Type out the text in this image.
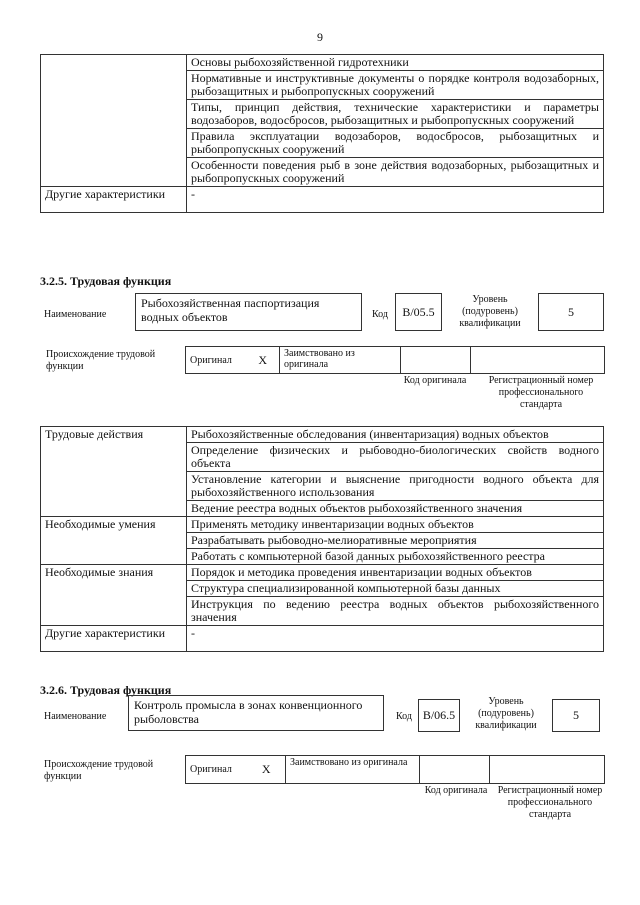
9
	Основы рыбохозяйственной гидротехники
	Нормативные и инструктивные документы о порядке контроля водозаборных, рыбозащитных и рыбопропускных сооружений
	Типы, принцип действия, технические характеристики и параметры водозаборов, водосбросов, рыбозащитных и рыбопропускных сооружений
	Правила эксплуатации водозаборов, водосбросов, рыбозащитных и рыбопропускных сооружений
	Особенности поведения рыб в зоне действия водозаборных, рыбозащитных и рыбопропускных сооружений
Другие характеристики	-
3.2.5. Трудовая функция
Наименование
Рыбохозяйственная паспортизация водных объектов	Код B/05.5
Уровень (подуровень) квалификации
5
Происхождение трудовой функции
Оригинал	X	Заимствовано из оригинала		
Код оригинала	Регистрационный номер профессионального стандарта
Трудовые действия	Рыбохозяйственные обследования (инвентаризация) водных объектов
	Определение физических и рыбоводно-биологических свойств водного объекта
	Установление категории и выяснение пригодности водного объекта для рыбохозяйственного использования
	Ведение реестра водных объектов рыбохозяйственного значения
Необходимые умения	Применять методику инвентаризации водных объектов
	Разрабатывать рыбоводно-мелиоративные мероприятия
	Работать с компьютерной базой данных рыбохозяйственного реестра
Необходимые знания	Порядок и методика проведения инвентаризации водных объектов
	Структура специализированной компьютерной базы данных
	Инструкция по ведению реестра водных объектов рыбохозяйственного значения
Другие характеристики	-
3.2.6. Трудовая функция
Наименование
Контроль промысла в зонах конвенционного рыболовства	Код B/06.5
Уровень (подуровень) квалификации
5
Происхождение трудовой функции
Оригинал	X	Заимствовано из оригинала		
Код оригинала	Регистрационный номер профессионального стандарта
